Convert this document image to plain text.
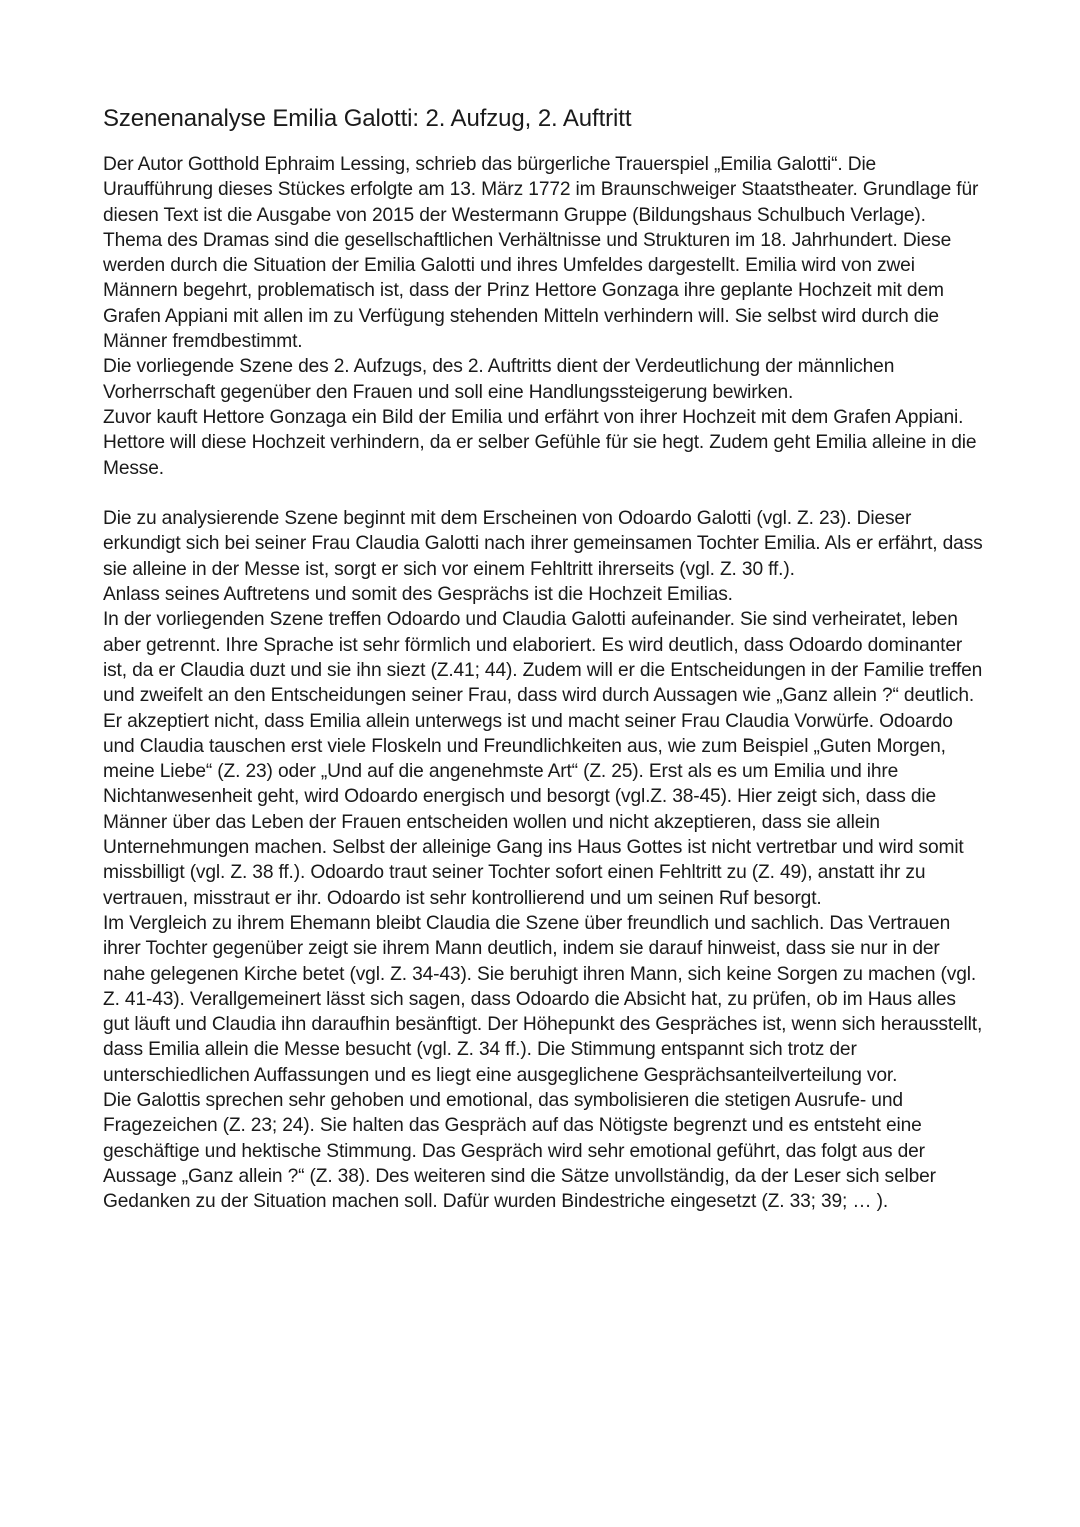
Szenenanalyse Emilia Galotti: 2. Aufzug, 2. Auftritt

Der Autor Gotthold Ephraim Lessing, schrieb das bürgerliche Trauerspiel „Emilia Galotti“. Die Uraufführung dieses Stückes erfolgte am 13. März 1772 im Braunschweiger Staatstheater. Grundlage für diesen Text ist die Ausgabe von 2015 der Westermann Gruppe (Bildungshaus Schulbuch Verlage). Thema des Dramas sind die gesellschaftlichen Verhältnisse und Strukturen im 18. Jahrhundert. Diese werden durch die Situation der Emilia Galotti und ihres Umfeldes dargestellt. Emilia wird von zwei Männern begehrt, problematisch ist, dass der Prinz Hettore Gonzaga ihre geplante Hochzeit mit dem Grafen Appiani mit allen im zu Verfügung stehenden Mitteln verhindern will. Sie selbst wird durch die Männer fremdbestimmt.

Die vorliegende Szene des 2. Aufzugs, des 2. Auftritts dient der Verdeutlichung der männlichen Vorherrschaft gegenüber den Frauen und soll eine Handlungssteigerung bewirken.

Zuvor kauft Hettore Gonzaga ein Bild der Emilia und erfährt von ihrer Hochzeit mit dem Grafen Appiani. Hettore will diese Hochzeit verhindern, da er selber Gefühle für sie hegt. Zudem geht Emilia alleine in die Messe.

Die zu analysierende Szene beginnt mit dem Erscheinen von Odoardo Galotti (vgl. Z. 23). Dieser erkundigt sich bei seiner Frau Claudia Galotti nach ihrer gemeinsamen Tochter Emilia. Als er erfährt, dass sie alleine in der Messe ist, sorgt er sich vor einem Fehltritt ihrerseits (vgl. Z. 30 ff.).

Anlass seines Auftretens und somit des Gesprächs ist die Hochzeit Emilias.

In der vorliegenden Szene treffen Odoardo und Claudia Galotti aufeinander. Sie sind verheiratet, leben aber getrennt. Ihre Sprache ist sehr förmlich und elaboriert. Es wird deutlich, dass Odoardo dominanter ist, da er Claudia duzt und sie ihn siezt (Z.41; 44). Zudem will er die Entscheidungen in der Familie treffen und zweifelt an den Entscheidungen seiner Frau, dass wird durch Aussagen wie „Ganz allein ?“ deutlich. Er akzeptiert nicht, dass Emilia allein unterwegs ist und macht seiner Frau Claudia Vorwürfe. Odoardo und Claudia tauschen erst viele Floskeln und Freundlichkeiten aus, wie zum Beispiel „Guten Morgen, meine Liebe“ (Z. 23) oder „Und auf die angenehmste Art“ (Z. 25). Erst als es um Emilia und ihre Nichtanwesenheit geht, wird Odoardo energisch und besorgt (vgl.Z. 38-45). Hier zeigt sich, dass die Männer über das Leben der Frauen entscheiden wollen und nicht akzeptieren, dass sie allein Unternehmungen machen. Selbst der alleinige Gang ins Haus Gottes ist nicht vertretbar und wird somit missbilligt (vgl. Z. 38 ff.). Odoardo traut seiner Tochter sofort einen Fehltritt zu (Z. 49), anstatt ihr zu vertrauen, misstraut er ihr. Odoardo ist sehr kontrollierend und um seinen Ruf besorgt.

Im Vergleich zu ihrem Ehemann bleibt Claudia die Szene über freundlich und sachlich. Das Vertrauen ihrer Tochter gegenüber zeigt sie ihrem Mann deutlich, indem sie darauf hinweist, dass sie nur in der nahe gelegenen Kirche betet (vgl. Z. 34-43). Sie beruhigt ihren Mann, sich keine Sorgen zu machen (vgl. Z. 41-43). Verallgemeinert lässt sich sagen, dass Odoardo die Absicht hat, zu prüfen, ob im Haus alles gut läuft und Claudia ihn daraufhin besänftigt. Der Höhepunkt des Gespräches ist, wenn sich herausstellt, dass Emilia allein die Messe besucht (vgl. Z. 34 ff.). Die Stimmung entspannt sich trotz der unterschiedlichen Auffassungen und es liegt eine ausgeglichene Gesprächsanteilverteilung vor.

Die Galottis sprechen sehr gehoben und emotional, das symbolisieren die stetigen Ausrufe- und Fragezeichen (Z. 23; 24). Sie halten das Gespräch auf das Nötigste begrenzt und es entsteht eine geschäftige und hektische Stimmung. Das Gespräch wird sehr emotional geführt, das folgt aus der Aussage „Ganz allein ?“ (Z. 38). Des weiteren sind die Sätze unvollständig, da der Leser sich selber Gedanken zu der Situation machen soll. Dafür wurden Bindestriche eingesetzt (Z. 33; 39; … ).
